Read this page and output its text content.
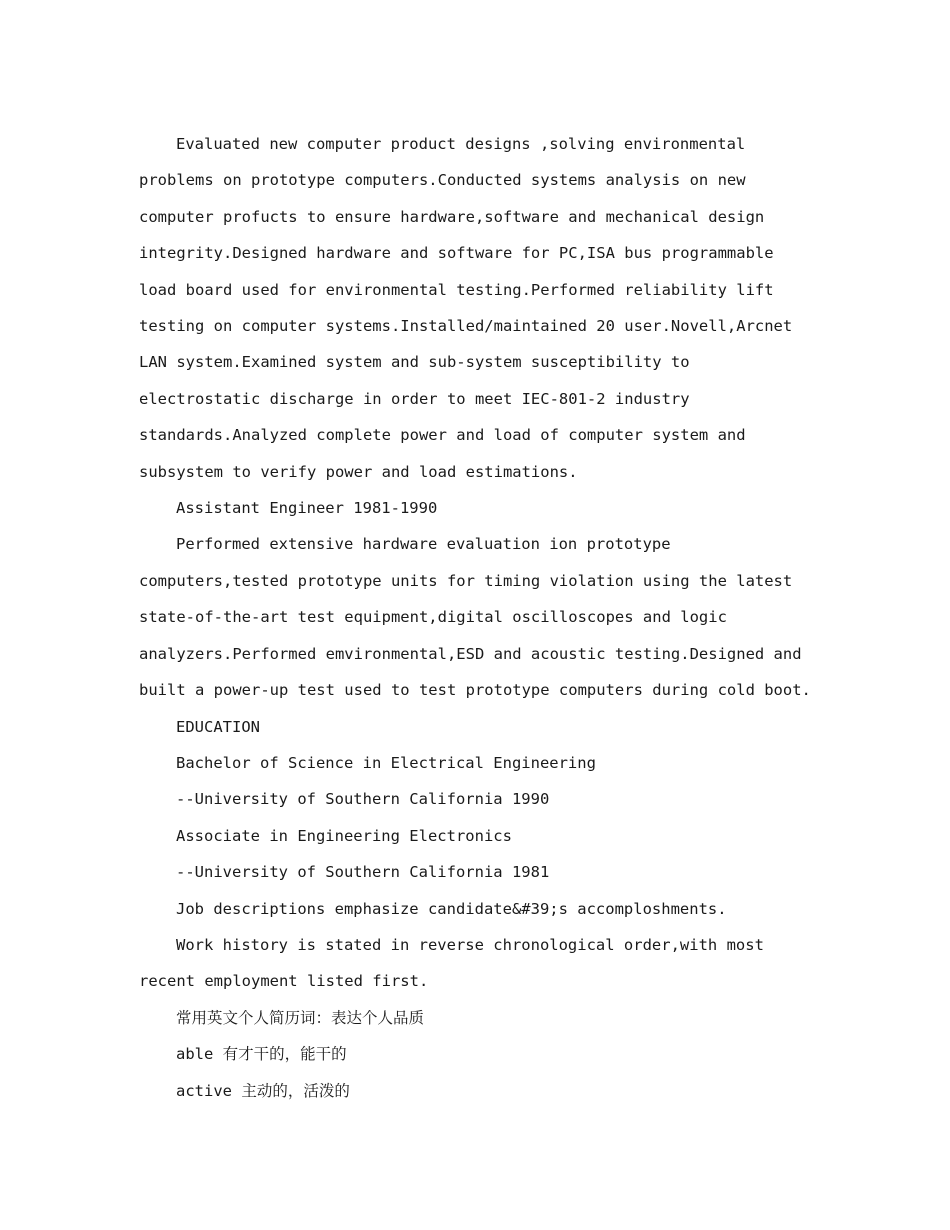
Evaluated new computer product designs ,solving environmental
problems on prototype computers.Conducted systems analysis on new
computer profucts to ensure hardware,software and mechanical design
integrity.Designed hardware and software for PC,ISA bus programmable
load board used for environmental testing.Performed reliability lift
testing on computer systems.Installed/maintained 20 user.Novell,Arcnet
LAN system.Examined system and sub-system susceptibility to
electrostatic discharge in order to meet IEC-801-2 industry
standards.Analyzed complete power and load of computer system and
subsystem to verify power and load estimations.
Assistant Engineer 1981-1990
Performed extensive hardware evaluation ion prototype
computers,tested prototype units for timing violation using the latest
state-of-the-art test equipment,digital oscilloscopes and logic
analyzers.Performed emvironmental,ESD and acoustic testing.Designed and
built a power-up test used to test prototype computers during cold boot.
EDUCATION
Bachelor of Science in Electrical Engineering
--University of Southern California 1990
Associate in Engineering Electronics
--University of Southern California 1981
Job descriptions emphasize candidate&#39;s accomploshments.
Work history is stated in reverse chronological order,with most
recent employment listed first.
常用英文个人简历词：表达个人品质
able 有才干的，能干的
active 主动的，活泼的
